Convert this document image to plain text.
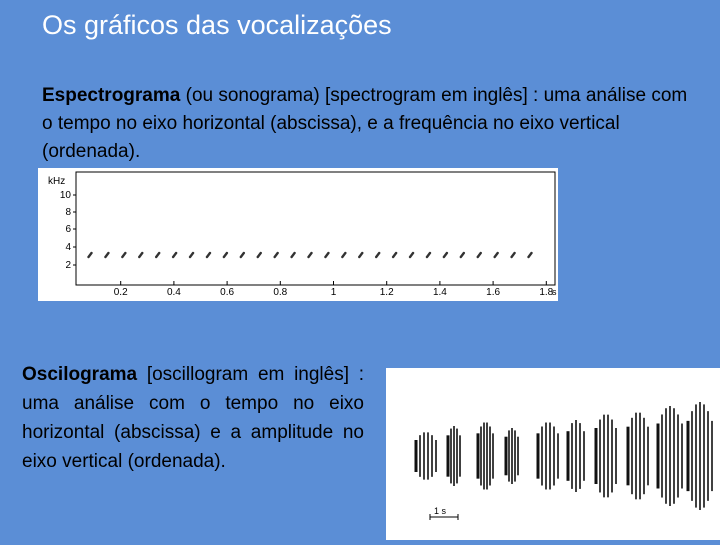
Os gráficos das vocalizações

Espectrograma (ou sonograma) [spectrogram em inglês] : uma análise com o tempo no eixo horizontal (abscissa), e a frequência no eixo vertical (ordenada).

kHz
10
8
6
4
2
0.2	0.4	0.6	0.8	1	1.2	1.4	1.6	1.8
s

Oscilograma [oscillogram em inglês] : uma análise com o tempo no eixo horizontal (abscissa) e a amplitude no eixo vertical (ordenada).

1 s
